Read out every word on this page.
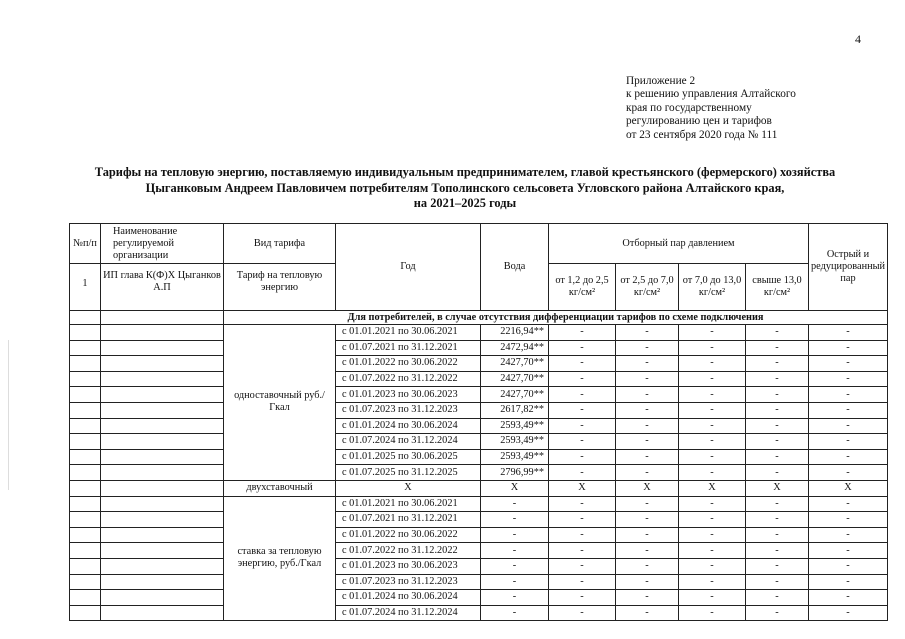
4
Приложение 2
к решению управления Алтайского
края по государственному
регулированию цен и тарифов
от 23 сентября 2020 года № 111
Тарифы на тепловую энергию, поставляемую индивидуальным предпринимателем, главой крестьянского (фермерского) хозяйства
Цыганковым Андреем Павловичем потребителям Тополинского сельсовета Угловского района Алтайского края,
на 2021–2025 годы
№п/п	Наименование регулируемой организации	Вид тарифа	Год	Вода	Отборный пар давлением				Острый и редуцированный пар
1	ИП глава К(Ф)Х Цыганков А.П	Тариф на тепловую энергию			от 1,2 до 2,5 кг/см²	от 2,5 до 7,0 кг/см²	от 7,0 до 13,0 кг/см²	свыше 13,0 кг/см²	
		Для потребителей, в случае отсутствия дифференциации тарифов по схеме подключения							
		одноставочный руб./Гкал	с 01.01.2021 по 30.06.2021	2216,94**	-	-	-	-	-
			с 01.07.2021 по 31.12.2021	2472,94**	-	-	-	-	-
			с 01.01.2022 по 30.06.2022	2427,70**	-	-	-	-	-
			с 01.07.2022 по 31.12.2022	2427,70**	-	-	-	-	-
			с 01.01.2023 по 30.06.2023	2427,70**	-	-	-	-	-
			с 01.07.2023 по 31.12.2023	2617,82**	-	-	-	-	-
			с 01.01.2024 по 30.06.2024	2593,49**	-	-	-	-	-
			с 01.07.2024 по 31.12.2024	2593,49**	-	-	-	-	-
			с 01.01.2025 по 30.06.2025	2593,49**	-	-	-	-	-
			с 01.07.2025 по 31.12.2025	2796,99**	-	-	-	-	-
		двухставочный	Х	Х	Х	Х	Х	Х	Х
		ставка за тепловую энергию, руб./Гкал	с 01.01.2021 по 30.06.2021	-	-	-	-	-	-
			с 01.07.2021 по 31.12.2021	-	-	-	-	-	-
			с 01.01.2022 по 30.06.2022	-	-	-	-	-	-
			с 01.07.2022 по 31.12.2022	-	-	-	-	-	-
			с 01.01.2023 по 30.06.2023	-	-	-	-	-	-
			с 01.07.2023 по 31.12.2023	-	-	-	-	-	-
			с 01.01.2024 по 30.06.2024	-	-	-	-	-	-
			с 01.07.2024 по 31.12.2024	-	-	-	-	-	-
